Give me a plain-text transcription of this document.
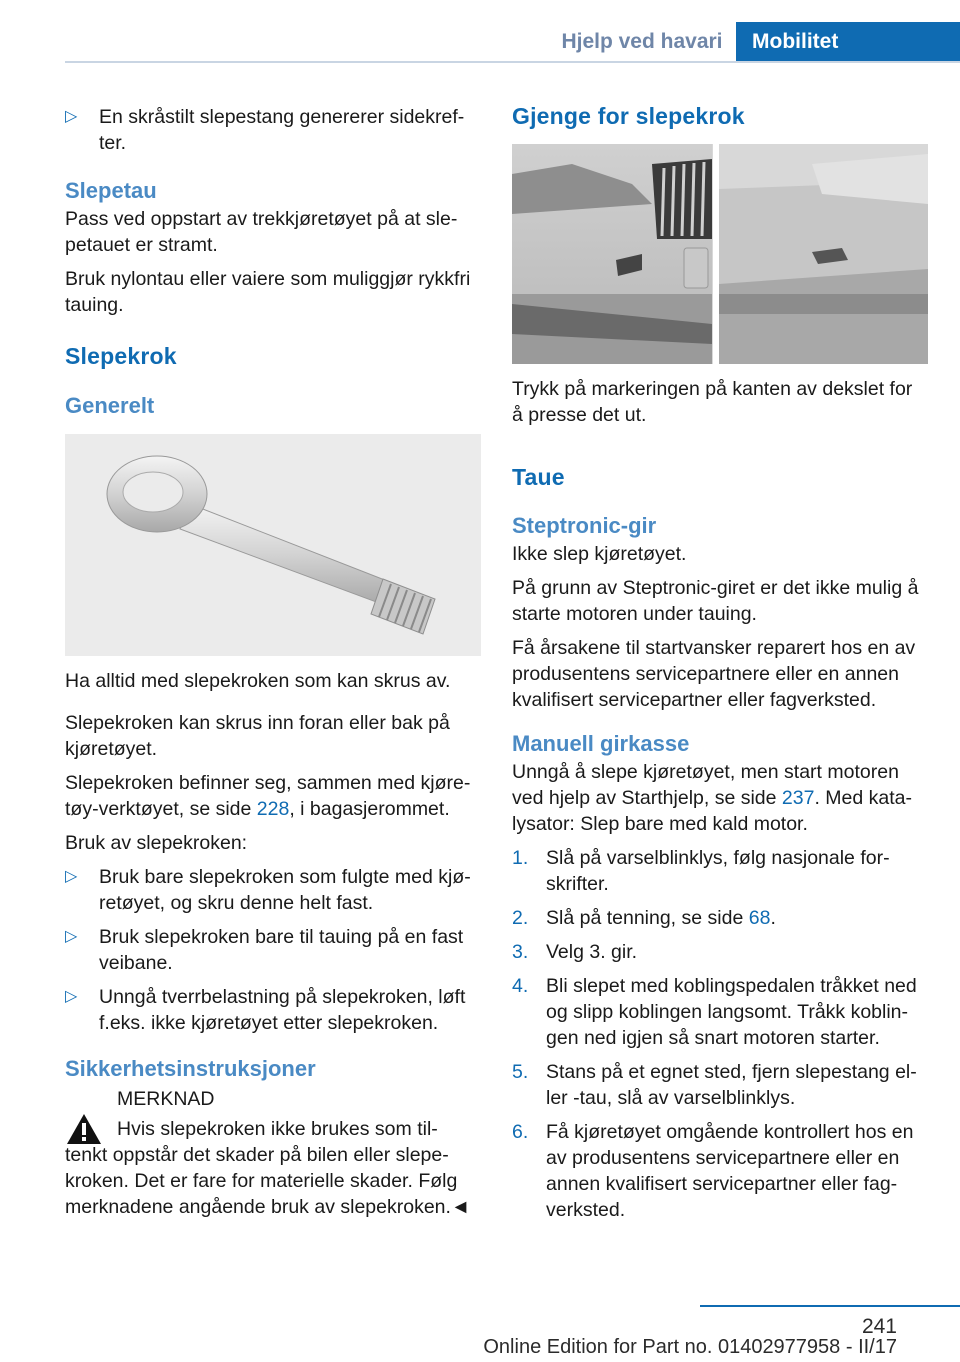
Hjelp ved havari	Mobilitet
▷	En skråstilt slepestang genererer sidekref-ter.

Slepetau

Pass ved oppstart av trekkjøretøyet på at sle-petauet er stramt.

Bruk nylontau eller vaiere som muliggjør rykkfri tauing.

Slepekrok

Generelt

Ha alltid med slepekroken som kan skrus av.

Slepekroken kan skrus inn foran eller bak på kjøretøyet.

Slepekroken befinner seg, sammen med kjøre-tøy-verktøyet, se side 228, i bagasjerommet.

Bruk av slepekroken:

▷	Bruk bare slepekroken som fulgte med kjø-retøyet, og skru denne helt fast.

▷	Bruk slepekroken bare til tauing på en fast veibane.

▷	Unngå tverrbelastning på slepekroken, løft f.eks. ikke kjøretøyet etter slepekroken.

Sikkerhetsinstruksjoner

MERKNAD

Hvis slepekroken ikke brukes som til-

tenkt oppstår det skader på bilen eller slepe-kroken. Det er fare for materielle skader. Følg merknadene angående bruk av slepekroken.◄

Gjenge for slepekrok

Trykk på markeringen på kanten av dekslet for å presse det ut.

Taue

Steptronic-gir

Ikke slep kjøretøyet.

På grunn av Steptronic-giret er det ikke mulig å starte motoren under tauing.

Få årsakene til startvansker reparert hos en av produsentens servicepartnere eller en annen kvalifisert servicepartner eller fagverksted.

Manuell girkasse

Unngå å slepe kjøretøyet, men start motoren ved hjelp av Starthjelp, se side 237. Med kata-lysator: Slep bare med kald motor.

1. Slå på varselblinklys, følg nasjonale for-skrifter.

2. Slå på tenning, se side 68.

3. Velg 3. gir.

4. Bli slepet med koblingspedalen tråkket ned og slipp koblingen langsomt. Tråkk koblin-gen ned igjen så snart motoren starter.

5. Stans på et egnet sted, fjern slepestang el-ler -tau, slå av varselblinklys.

6. Få kjøretøyet omgående kontrollert hos en av produsentens servicepartnere eller en annen kvalifisert servicepartner eller fag-verksted.

241
Online Edition for Part no. 01402977958 - II/17
